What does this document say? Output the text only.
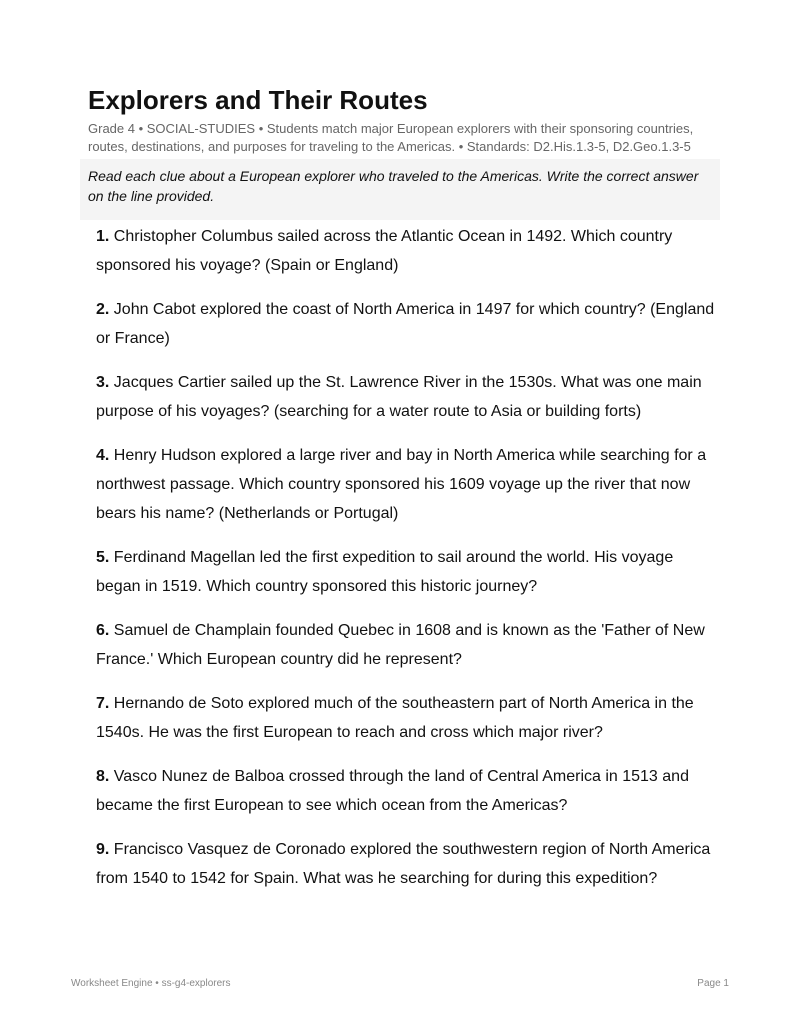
Explorers and Their Routes
Grade 4 • SOCIAL-STUDIES • Students match major European explorers with their sponsoring countries, routes, destinations, and purposes for traveling to the Americas. • Standards: D2.His.1.3-5, D2.Geo.1.3-5
Read each clue about a European explorer who traveled to the Americas. Write the correct answer on the line provided.
1. Christopher Columbus sailed across the Atlantic Ocean in 1492. Which country sponsored his voyage? (Spain or England)
2. John Cabot explored the coast of North America in 1497 for which country? (England or France)
3. Jacques Cartier sailed up the St. Lawrence River in the 1530s. What was one main purpose of his voyages? (searching for a water route to Asia or building forts)
4. Henry Hudson explored a large river and bay in North America while searching for a northwest passage. Which country sponsored his 1609 voyage up the river that now bears his name? (Netherlands or Portugal)
5. Ferdinand Magellan led the first expedition to sail around the world. His voyage began in 1519. Which country sponsored this historic journey?
6. Samuel de Champlain founded Quebec in 1608 and is known as the 'Father of New France.' Which European country did he represent?
7. Hernando de Soto explored much of the southeastern part of North America in the 1540s. He was the first European to reach and cross which major river?
8. Vasco Nunez de Balboa crossed through the land of Central America in 1513 and became the first European to see which ocean from the Americas?
9. Francisco Vasquez de Coronado explored the southwestern region of North America from 1540 to 1542 for Spain. What was he searching for during this expedition?
Worksheet Engine • ss-g4-explorers	Page 1
